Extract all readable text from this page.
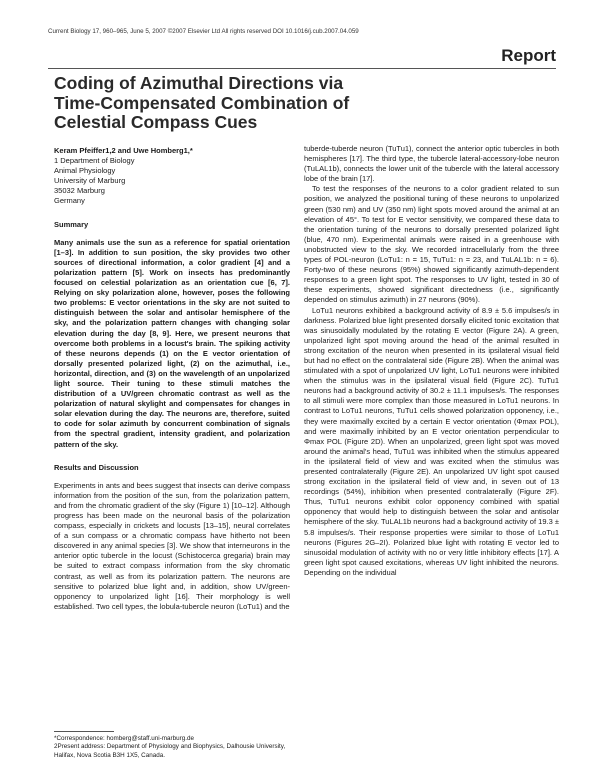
Current Biology 17, 960–965, June 5, 2007 ©2007 Elsevier Ltd All rights reserved DOI 10.1016/j.cub.2007.04.059
Report
Coding of Azimuthal Directions via Time-Compensated Combination of Celestial Compass Cues

Keram Pfeiffer1,2 and Uwe Homberg1,*

1 Department of Biology

Animal Physiology

University of Marburg

35032 Marburg

Germany

Summary

Many animals use the sun as a reference for spatial orientation [1–3]. In addition to sun position, the sky provides two other sources of directional information, a color gradient [4] and a polarization pattern [5]. Work on insects has predominantly focused on celestial polarization as an orientation cue [6, 7]. Relying on sky polarization alone, however, poses the following two problems: E vector orientations in the sky are not suited to distinguish between the solar and antisolar hemisphere of the sky, and the polarization pattern changes with changing solar elevation during the day [8, 9]. Here, we present neurons that overcome both problems in a locust's brain. The spiking activity of these neurons depends (1) on the E vector orientation of dorsally presented polarized light, (2) on the azimuthal, i.e., horizontal, direction, and (3) on the wavelength of an unpolarized light source. Their tuning to these stimuli matches the distribution of a UV/green chromatic contrast as well as the polarization of natural skylight and compensates for changes in solar elevation during the day. The neurons are, therefore, suited to code for solar azimuth by concurrent combination of signals from the spectral gradient, intensity gradient, and polarization pattern of the sky.

Results and Discussion

Experiments in ants and bees suggest that insects can derive compass information from the position of the sun, from the polarization pattern, and from the chromatic gradient of the sky (Figure 1) [10–12]. Although progress has been made on the neuronal basis of the polarization compass, especially in crickets and locusts [13–15], neural correlates of a sun compass or a chromatic compass have hitherto not been discovered in any animal species [3]. We show that interneurons in the anterior optic tubercle in the locust (Schistocerca gregaria) brain may be suited to extract compass information from the sky chromatic contrast, as well as from its polarization pattern. The neurons are sensitive to polarized blue light and, in addition, show UV/green-opponency to unpolarized light [16]. Their morphology is well established. Two cell types, the lobula-tubercle neuron (LoTu1) and the

tuberde-tuberde neuron (TuTu1), connect the anterior optic tubercles in both hemispheres [17]. The third type, the tubercle lateral-accessory-lobe neuron (TuLAL1b), connects the lower unit of the tubercle with the lateral accessory lobe of the brain [17].

To test the responses of the neurons to a color gradient related to sun position, we analyzed the positional tuning of these neurons to unpolarized green (530 nm) and UV (350 nm) light spots moved around the animal at an elevation of 45°. To test for E vector sensitivity, we compared these data to the orientation tuning of the neurons to dorsally presented polarized light (blue, 470 nm). Experimental animals were raised in a greenhouse with unobstructed view to the sky. We recorded intracellularly from the three types of POL-neuron (LoTu1: n = 15, TuTu1: n = 23, and TuLAL1b: n = 6). Forty-two of these neurons (95%) showed significantly azimuth-dependent responses to a green light spot. The responses to UV light, tested in 30 of these experiments, showed significant directedness (i.e., significantly depended on stimulus azimuth) in 27 neurons (90%).

LoTu1 neurons exhibited a background activity of 8.9 ± 5.6 impulses/s in darkness. Polarized blue light presented dorsally elicited tonic excitation that was sinusoidally modulated by the rotating E vector (Figure 2A). A green, unpolarized light spot moving around the head of the animal resulted in strong excitation of the neuron when presented in its ipsilateral visual field but had no effect on the contralateral side (Figure 2B). When the animal was stimulated with a spot of unpolarized UV light, LoTu1 neurons were inhibited when the stimulus was in the ipsilateral visual field (Figure 2C). TuTu1 neurons had a background activity of 30.2 ± 11.1 impulses/s. The responses to all stimuli were more complex than those measured in LoTu1 neurons. In contrast to LoTu1 neurons, TuTu1 cells showed polarization opponency, i.e., they were maximally excited by a certain E vector orientation (Φmax POL), and were maximally inhibited by an E vector orientation perpendicular to Φmax POL (Figure 2D). When an unpolarized, green light spot was moved around the animal's head, TuTu1 was inhibited when the stimulus appeared in the ipsilateral field of view and was excited when the stimulus was presented contralaterally (Figure 2E). An unpolarized UV light spot caused strong excitation in the ipsilateral field of view and, in seven out of 13 recordings (54%), inhibition when presented contralaterally (Figure 2F). Thus, TuTu1 neurons exhibit color opponency combined with spatial opponency that would help to distinguish between the solar and antisolar hemisphere of the sky. TuLAL1b neurons had a background activity of 19.3 ± 5.8 impulses/s. Their response properties were similar to those of LoTu1 neurons (Figures 2G–2I). Polarized blue light with rotating E vector led to sinusoidal modulation of activity with no or very little inhibitory effects [17]. A green light spot caused excitations, whereas UV light inhibited the neurons. Depending on the individual

*Correspondence: homberg@staff.uni-marburg.de

2Present address: Department of Physiology and Biophysics, Dalhousie University, Halifax, Nova Scotia B3H 1X5, Canada.
